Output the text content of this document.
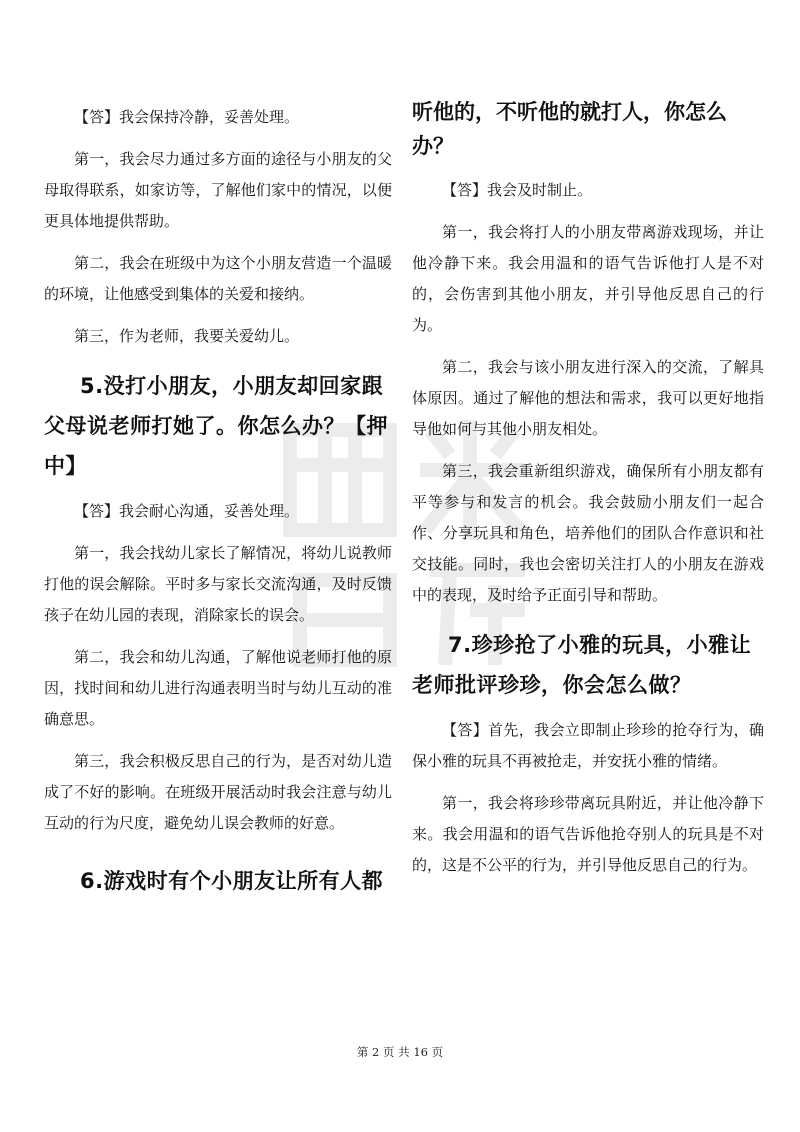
【答】我会保持冷静，妥善处理。

第一，我会尽力通过多方面的途径与小朋友的父母取得联系，如家访等，了解他们家中的情况，以便更具体地提供帮助。

第二，我会在班级中为这个小朋友营造一个温暖的环境，让他感受到集体的关爱和接纳。

第三，作为老师，我要关爱幼儿。

5.没打小朋友，小朋友却回家跟父母说老师打她了。你怎么办？【押中】

【答】我会耐心沟通，妥善处理。

第一，我会找幼儿家长了解情况，将幼儿说教师打他的误会解除。平时多与家长交流沟通，及时反馈孩子在幼儿园的表现，消除家长的误会。

第二，我会和幼儿沟通，了解他说老师打他的原因，找时间和幼儿进行沟通表明当时与幼儿互动的准确意思。

第三，我会积极反思自己的行为，是否对幼儿造成了不好的影响。在班级开展活动时我会注意与幼儿互动的行为尺度，避免幼儿误会教师的好意。

6.游戏时有个小朋友让所有人都
听他的，不听他的就打人，你怎么办？

【答】我会及时制止。

第一，我会将打人的小朋友带离游戏现场，并让他冷静下来。我会用温和的语气告诉他打人是不对的，会伤害到其他小朋友，并引导他反思自己的行为。

第二，我会与该小朋友进行深入的交流，了解具体原因。通过了解他的想法和需求，我可以更好地指导他如何与其他小朋友相处。

第三，我会重新组织游戏，确保所有小朋友都有平等参与和发言的机会。我会鼓励小朋友们一起合作、分享玩具和角色，培养他们的团队合作意识和社交技能。同时，我也会密切关注打人的小朋友在游戏中的表现，及时给予正面引导和帮助。

7.珍珍抢了小雅的玩具，小雅让老师批评珍珍，你会怎么做？

【答】首先，我会立即制止珍珍的抢夺行为，确保小雅的玩具不再被抢走，并安抚小雅的情绪。

第一，我会将珍珍带离玩具附近，并让他冷静下来。我会用温和的语气告诉他抢夺别人的玩具是不对的，这是不公平的行为，并引导他反思自己的行为。

第 2 页 共 16 页
